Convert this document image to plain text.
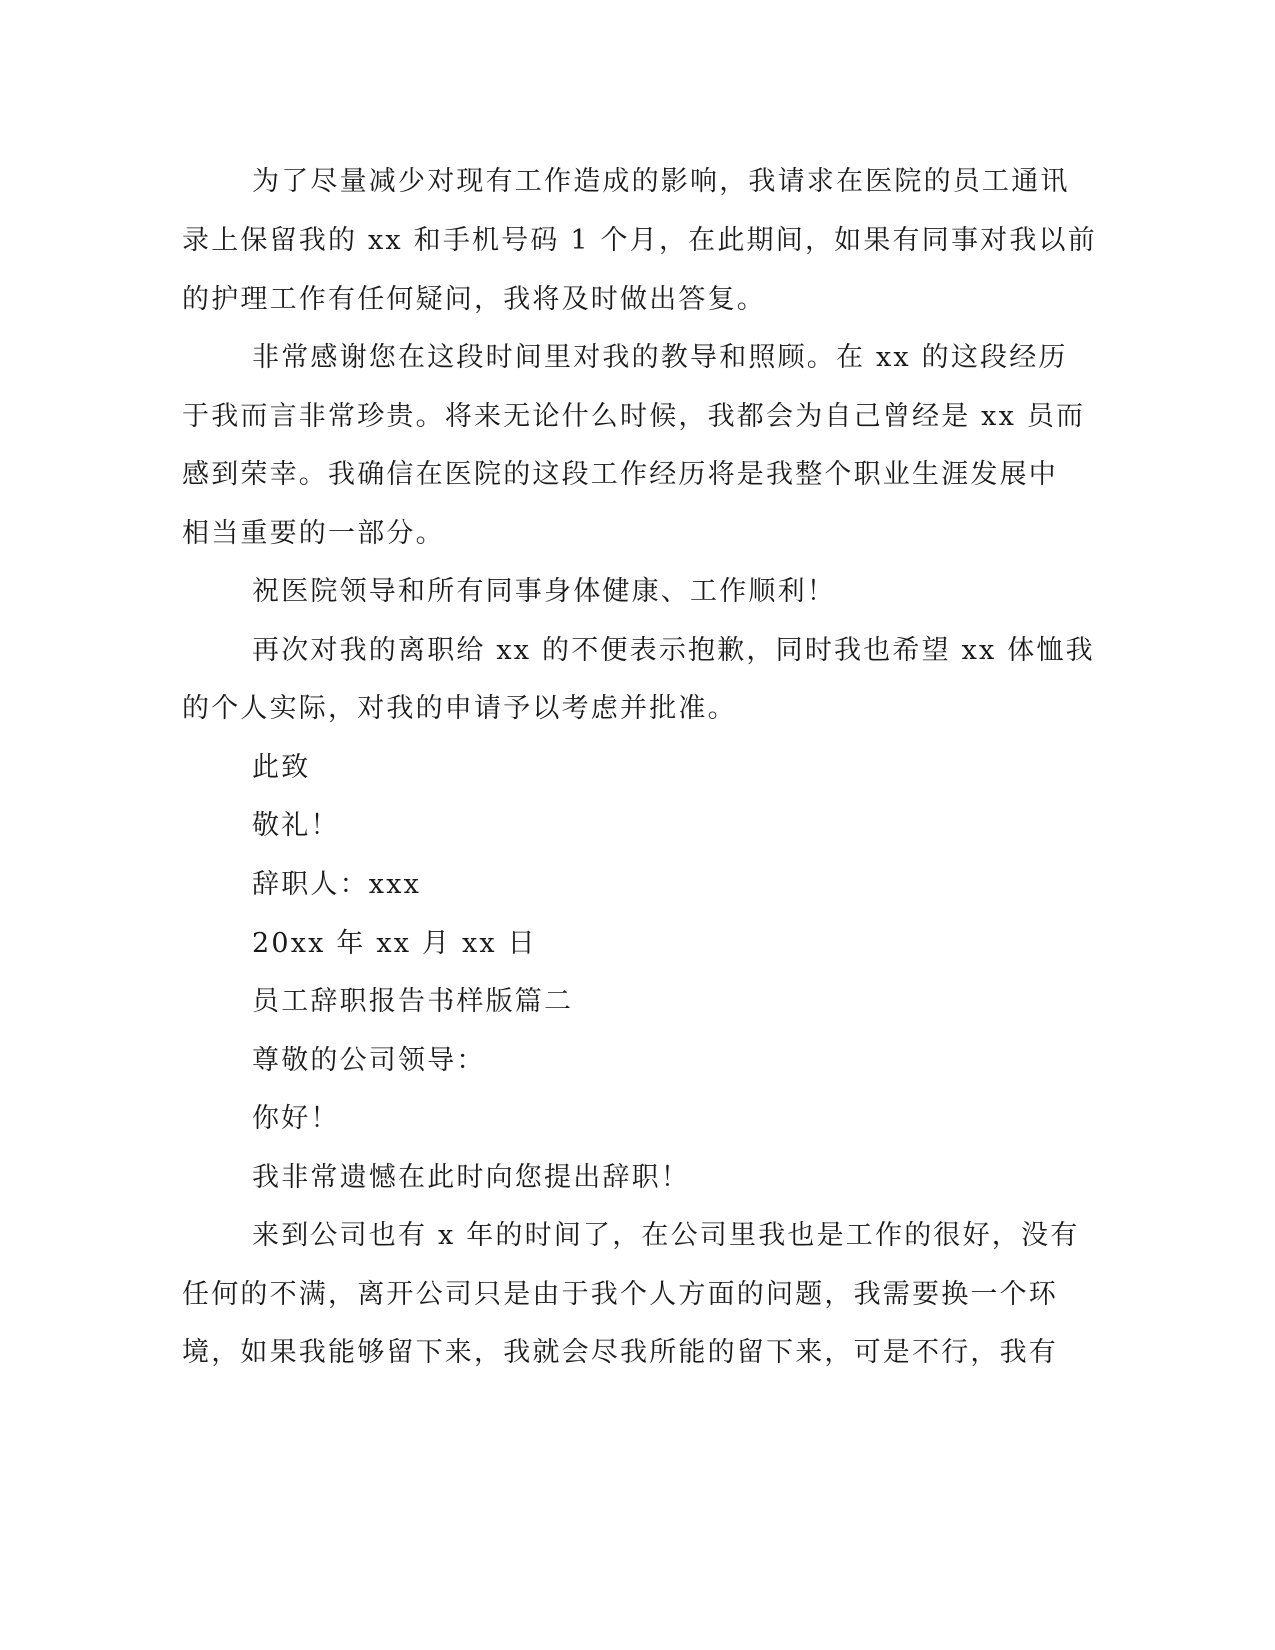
为了尽量减少对现有工作造成的影响，我请求在医院的员工通讯
录上保留我的 xx 和手机号码 1 个月，在此期间，如果有同事对我以前
的护理工作有任何疑问，我将及时做出答复。
非常感谢您在这段时间里对我的教导和照顾。在 xx 的这段经历
于我而言非常珍贵。将来无论什么时候，我都会为自己曾经是 xx 员而
感到荣幸。我确信在医院的这段工作经历将是我整个职业生涯发展中
相当重要的一部分。
祝医院领导和所有同事身体健康、工作顺利！
再次对我的离职给 xx 的不便表示抱歉，同时我也希望 xx 体恤我
的个人实际，对我的申请予以考虑并批准。
此致
敬礼！
辞职人：xxx
20xx 年 xx 月 xx 日
员工辞职报告书样版篇二
尊敬的公司领导：
你好！
我非常遗憾在此时向您提出辞职！
来到公司也有 x 年的时间了，在公司里我也是工作的很好，没有
任何的不满，离开公司只是由于我个人方面的问题，我需要换一个环
境，如果我能够留下来，我就会尽我所能的留下来，可是不行，我有
